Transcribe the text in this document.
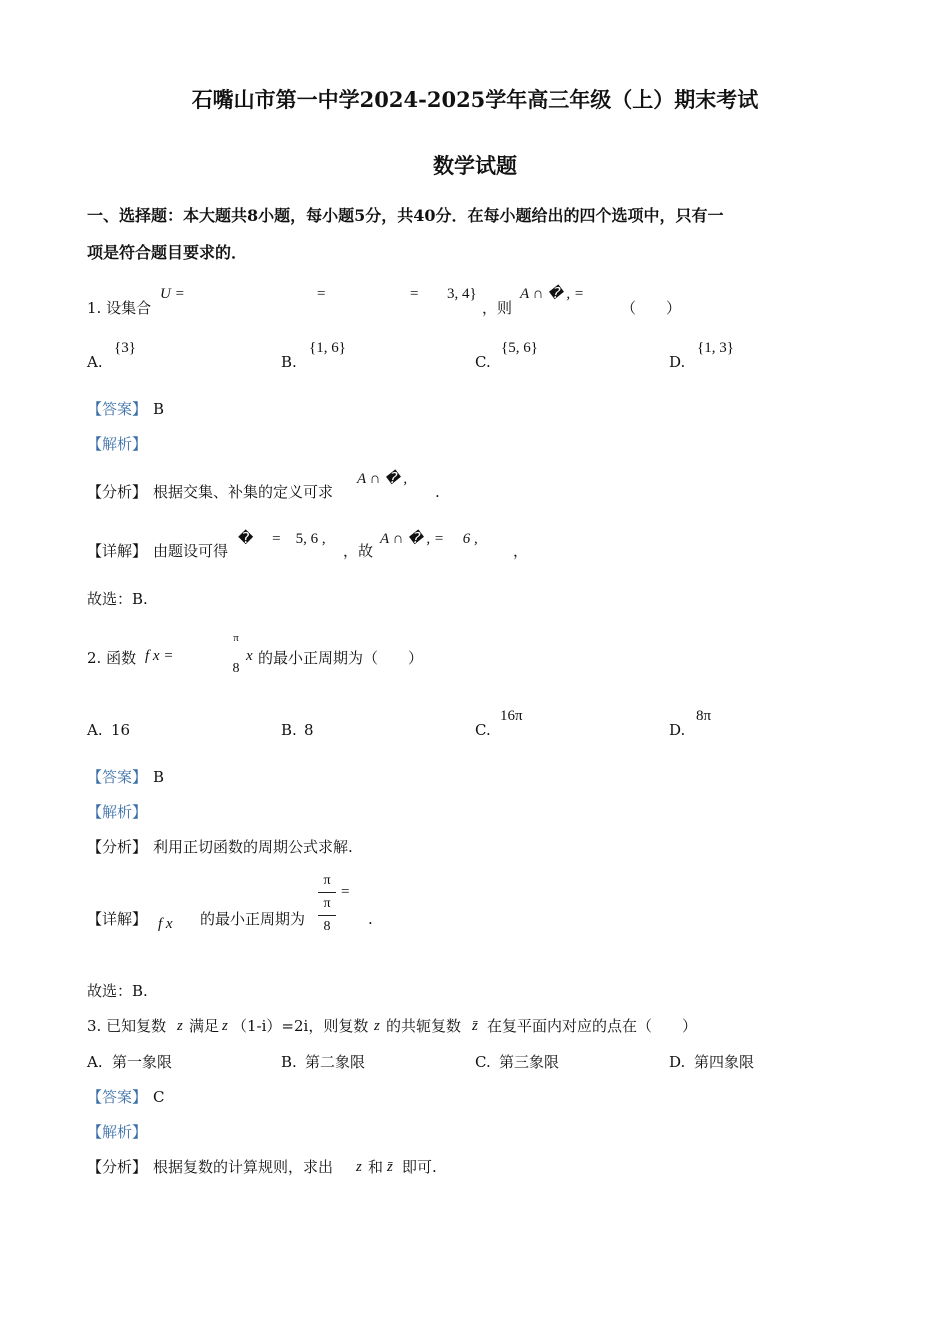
石嘴山市第一中学2024-2025学年高三年级（上）期末考试
数学试题
一、选择题：本大题共8小题，每小题5分，共40分．在每小题给出的四个选项中，只有一
项是符合题目要求的．
1. 设集合
U =	=	= 3, 4}
，则
A ∩ � , =
（　　）
A.
{3}
B.
{1, 6}
C.
{5, 6}
D.
{1, 3}
【答案】 B
【解析】
【分析】 根据交集、补集的定义可求
A ∩ � ,
.
【详解】 由题设可得
�　 =　5, 6 ,
，故
A ∩ � , =　 6 ,
，
故选：B.
2. 函数 f x =
π
8
x 的最小正周期为（　　）
A. 16	B. 8	C.
16π
D.
8π
【答案】 B
【解析】
【分析】 利用正切函数的周期公式求解.
【详解】 f x 的最小正周期为
π
π
8
=
.
故选：B.
3. 已知复数 z 满足 z （1-i）=2i，则复数 z 的共轭复数 z̄ 在复平面内对应的点在（　　）
A. 第一象限	B. 第二象限	C. 第三象限	D. 第四象限
【答案】 C
【解析】
【分析】 根据复数的计算规则，求出 z 和 z̄ 即可.
